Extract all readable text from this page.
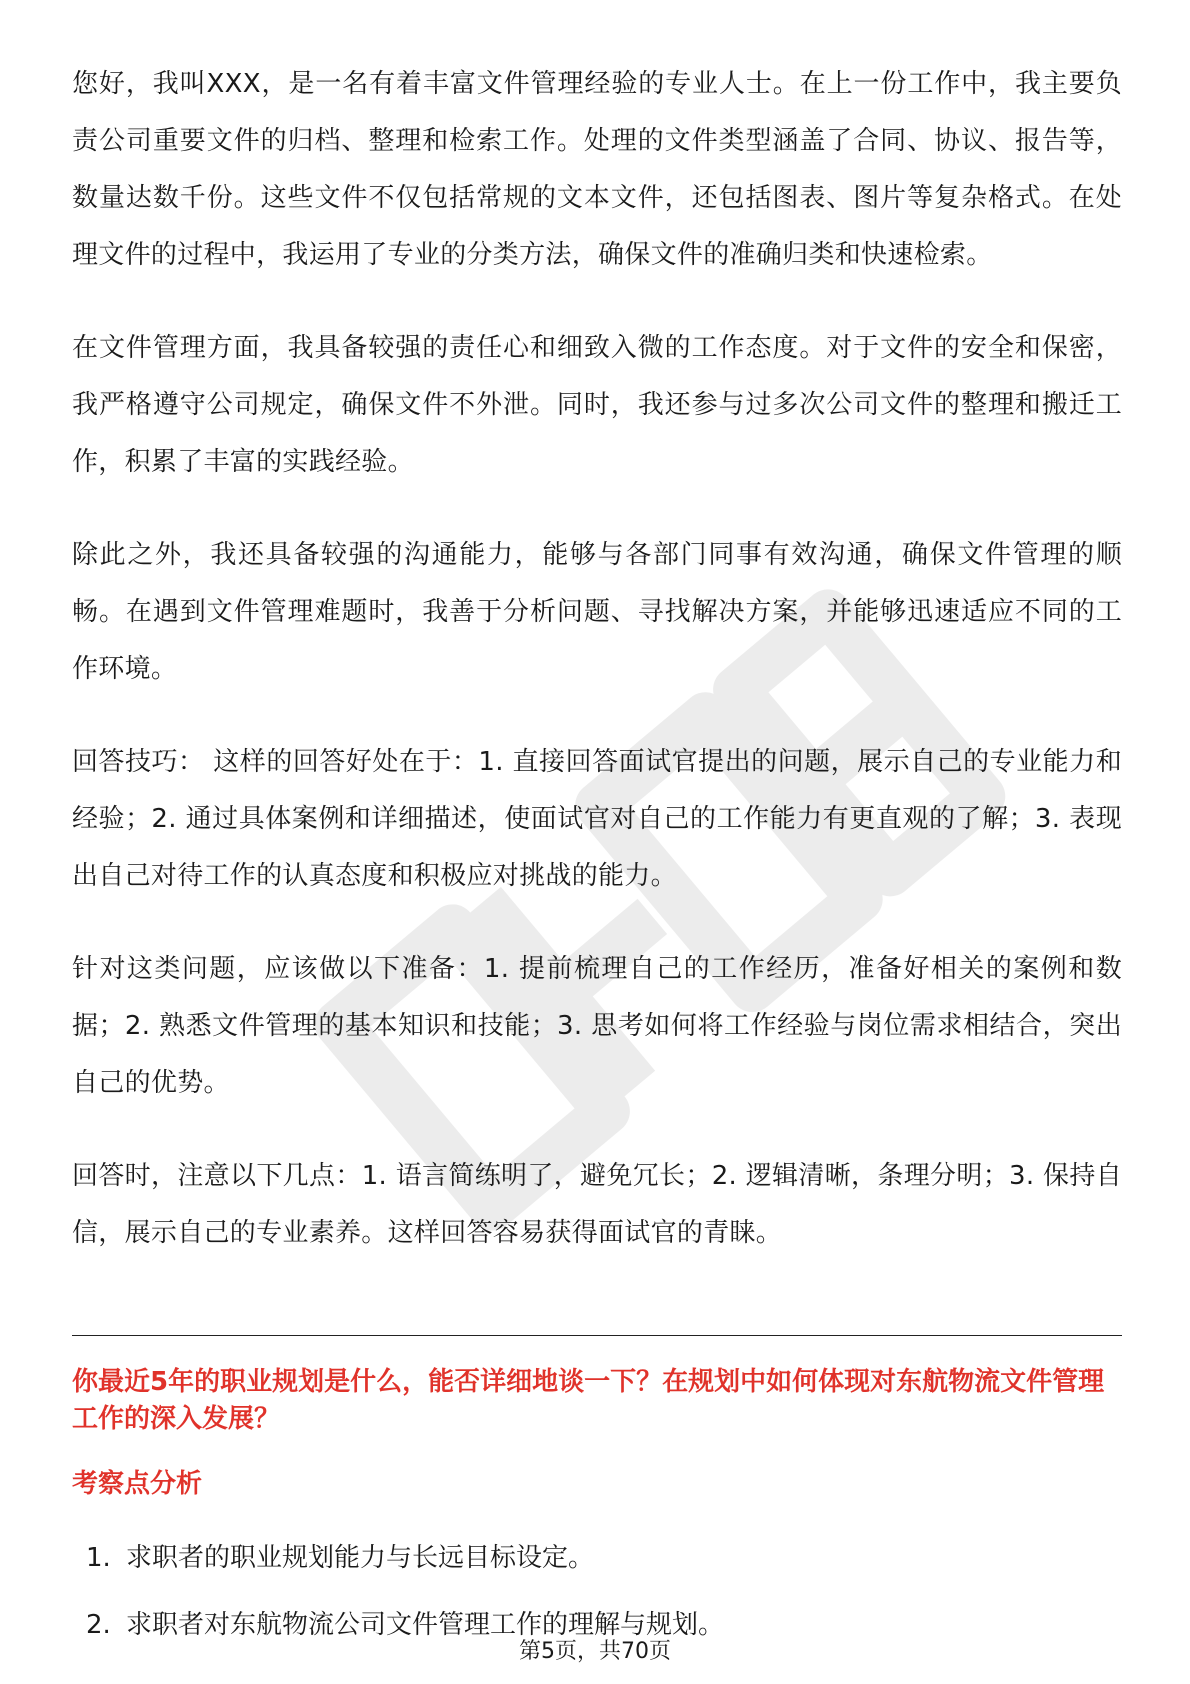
您好，我叫XXX，是一名有着丰富文件管理经验的专业人士。在上一份工作中，我主要负责公司重要文件的归档、整理和检索工作。处理的文件类型涵盖了合同、协议、报告等，数量达数千份。这些文件不仅包括常规的文本文件，还包括图表、图片等复杂格式。在处理文件的过程中，我运用了专业的分类方法，确保文件的准确归类和快速检索。

在文件管理方面，我具备较强的责任心和细致入微的工作态度。对于文件的安全和保密，我严格遵守公司规定，确保文件不外泄。同时，我还参与过多次公司文件的整理和搬迁工作，积累了丰富的实践经验。

除此之外，我还具备较强的沟通能力，能够与各部门同事有效沟通，确保文件管理的顺畅。在遇到文件管理难题时，我善于分析问题、寻找解决方案，并能够迅速适应不同的工作环境。

回答技巧： 这样的回答好处在于：1. 直接回答面试官提出的问题，展示自己的专业能力和经验；2. 通过具体案例和详细描述，使面试官对自己的工作能力有更直观的了解；3. 表现出自己对待工作的认真态度和积极应对挑战的能力。

针对这类问题，应该做以下准备：1. 提前梳理自己的工作经历，准备好相关的案例和数据；2. 熟悉文件管理的基本知识和技能；3. 思考如何将工作经验与岗位需求相结合，突出自己的优势。

回答时，注意以下几点：1. 语言简练明了，避免冗长；2. 逻辑清晰，条理分明；3. 保持自信，展示自己的专业素养。这样回答容易获得面试官的青睐。

你最近5年的职业规划是什么，能否详细地谈一下？在规划中如何体现对东航物流文件管理工作的深入发展？

考察点分析

1. 求职者的职业规划能力与长远目标设定。
2. 求职者对东航物流公司文件管理工作的理解与规划。
第5页，共70页
